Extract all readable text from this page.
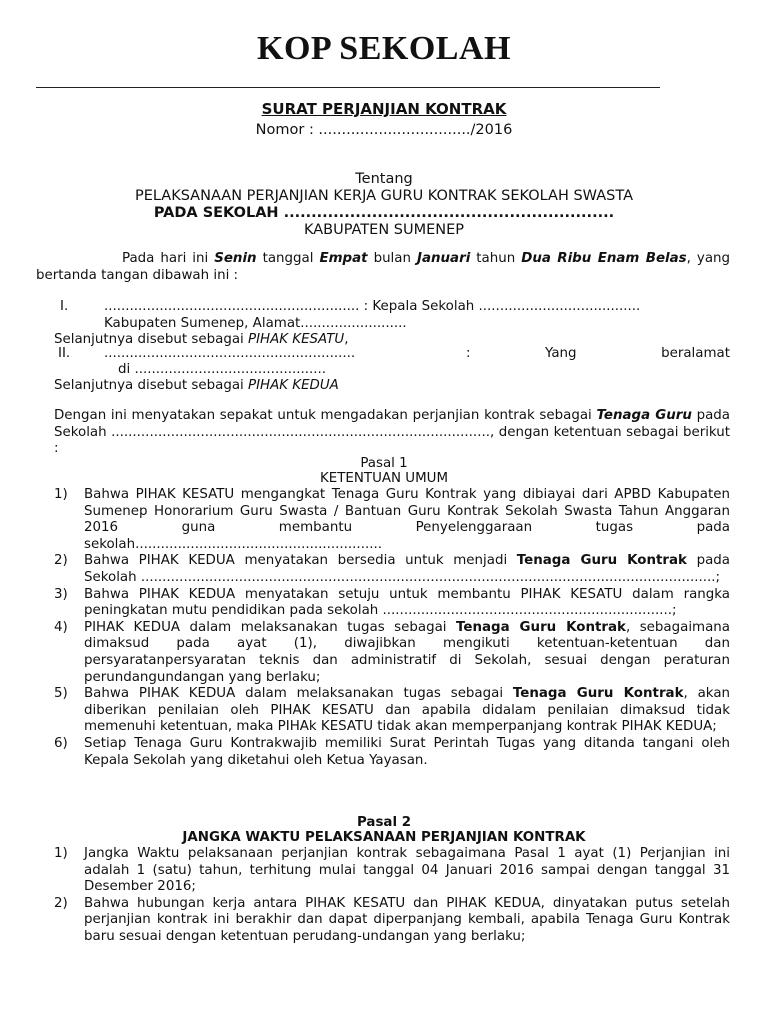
KOP SEKOLAH
SURAT PERJANJIAN KONTRAK
Nomor : ................................./2016
Tentang
PELAKSANAAN PERJANJIAN KERJA GURU KONTRAK SEKOLAH SWASTA
PADA SEKOLAH ............................................................
KABUPATEN SUMENEP
Pada hari ini Senin tanggal Empat bulan Januari tahun Dua Ribu Enam Belas, yang bertanda tangan dibawah ini :
I.	............................................................ : Kepala Sekolah ......................................
Kabupaten Sumenep, Alamat.........................
Selanjutnya disebut sebagai PIHAK KESATU,
II.	...........................................................	:	Yang	beralamat
di .............................................
Selanjutnya disebut sebagai PIHAK KEDUA
Dengan ini menyatakan sepakat untuk mengadakan perjanjian kontrak sebagai Tenaga Guru pada Sekolah ........................................................................................., dengan ketentuan sebagai berikut :
Pasal 1
KETENTUAN UMUM
1) Bahwa PIHAK KESATU mengangkat Tenaga Guru Kontrak yang dibiayai dari APBD Kabupaten Sumenep Honorarium Guru Swasta / Bantuan Guru Kontrak Sekolah Swasta Tahun Anggaran 2016 guna membantu Penyelenggaraan tugas pada sekolah..........................................................
2) Bahwa PIHAK KEDUA menyatakan bersedia untuk menjadi Tenaga Guru Kontrak pada Sekolah .......................................................................................................................................;
3) Bahwa PIHAK KEDUA menyatakan setuju untuk membantu PIHAK KESATU dalam rangka peningkatan mutu pendidikan pada sekolah ....................................................................;
4) PIHAK KEDUA dalam melaksanakan tugas sebagai Tenaga Guru Kontrak, sebagaimana dimaksud pada ayat (1), diwajibkan mengikuti ketentuan-ketentuan dan persyaratanpersyaratan teknis dan administratif di Sekolah, sesuai dengan peraturan perundangundangan yang berlaku;
5) Bahwa PIHAK KEDUA dalam melaksanakan tugas sebagai Tenaga Guru Kontrak, akan diberikan penilaian oleh PIHAK KESATU dan apabila didalam penilaian dimaksud tidak memenuhi ketentuan, maka PIHAk KESATU tidak akan memperpanjang kontrak PIHAK KEDUA;
6) Setiap Tenaga Guru Kontrakwajib memiliki Surat Perintah Tugas yang ditanda tangani oleh Kepala Sekolah yang diketahui oleh Ketua Yayasan.
Pasal 2
JANGKA WAKTU PELAKSANAAN PERJANJIAN KONTRAK
1) Jangka Waktu pelaksanaan perjanjian kontrak sebagaimana Pasal 1 ayat (1) Perjanjian ini adalah 1 (satu) tahun, terhitung mulai tanggal 04 Januari 2016 sampai dengan tanggal 31 Desember 2016;
2) Bahwa hubungan kerja antara PIHAK KESATU dan PIHAK KEDUA, dinyatakan putus setelah perjanjian kontrak ini berakhir dan dapat diperpanjang kembali, apabila Tenaga Guru Kontrak baru sesuai dengan ketentuan perudang-undangan yang berlaku;
